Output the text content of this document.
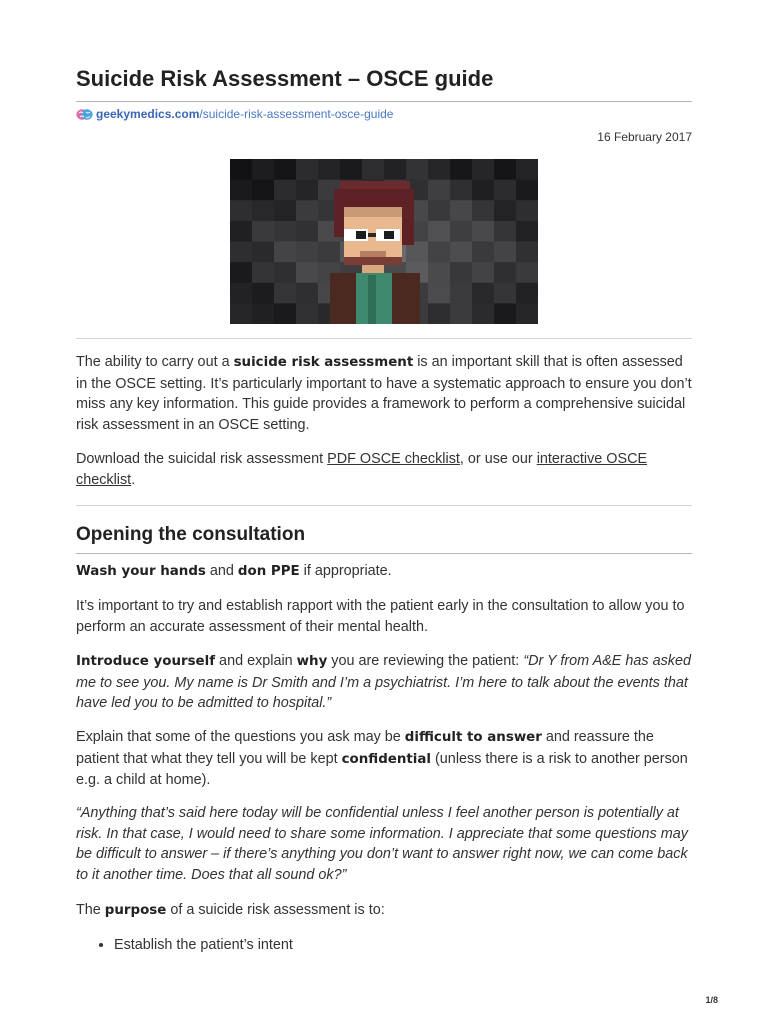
Suicide Risk Assessment – OSCE guide
geekymedics.com /suicide-risk-assessment-osce-guide
16 February 2017

The ability to carry out a suicide risk assessment is an important skill that is often assessed in the OSCE setting. It’s particularly important to have a systematic approach to ensure you don’t miss any key information. This guide provides a framework to perform a comprehensive suicidal risk assessment in an OSCE setting.

Download the suicidal risk assessment PDF OSCE checklist, or use our interactive OSCE checklist.

Opening the consultation

Wash your hands and don PPE if appropriate.

It’s important to try and establish rapport with the patient early in the consultation to allow you to perform an accurate assessment of their mental health.

Introduce yourself and explain why you are reviewing the patient: “Dr Y from A&E has asked me to see you. My name is Dr Smith and I’m a psychiatrist. I’m here to talk about the events that have led you to be admitted to hospital.”

Explain that some of the questions you ask may be difficult to answer and reassure the patient that what they tell you will be kept confidential (unless there is a risk to another person e.g. a child at home).

“Anything that’s said here today will be confidential unless I feel another person is potentially at risk. In that case, I would need to share some information. I appreciate that some questions may be difficult to answer – if there’s anything you don’t want to answer right now, we can come back to it another time. Does that all sound ok?”

The purpose of a suicide risk assessment is to:

• Establish the patient’s intent
1/8
